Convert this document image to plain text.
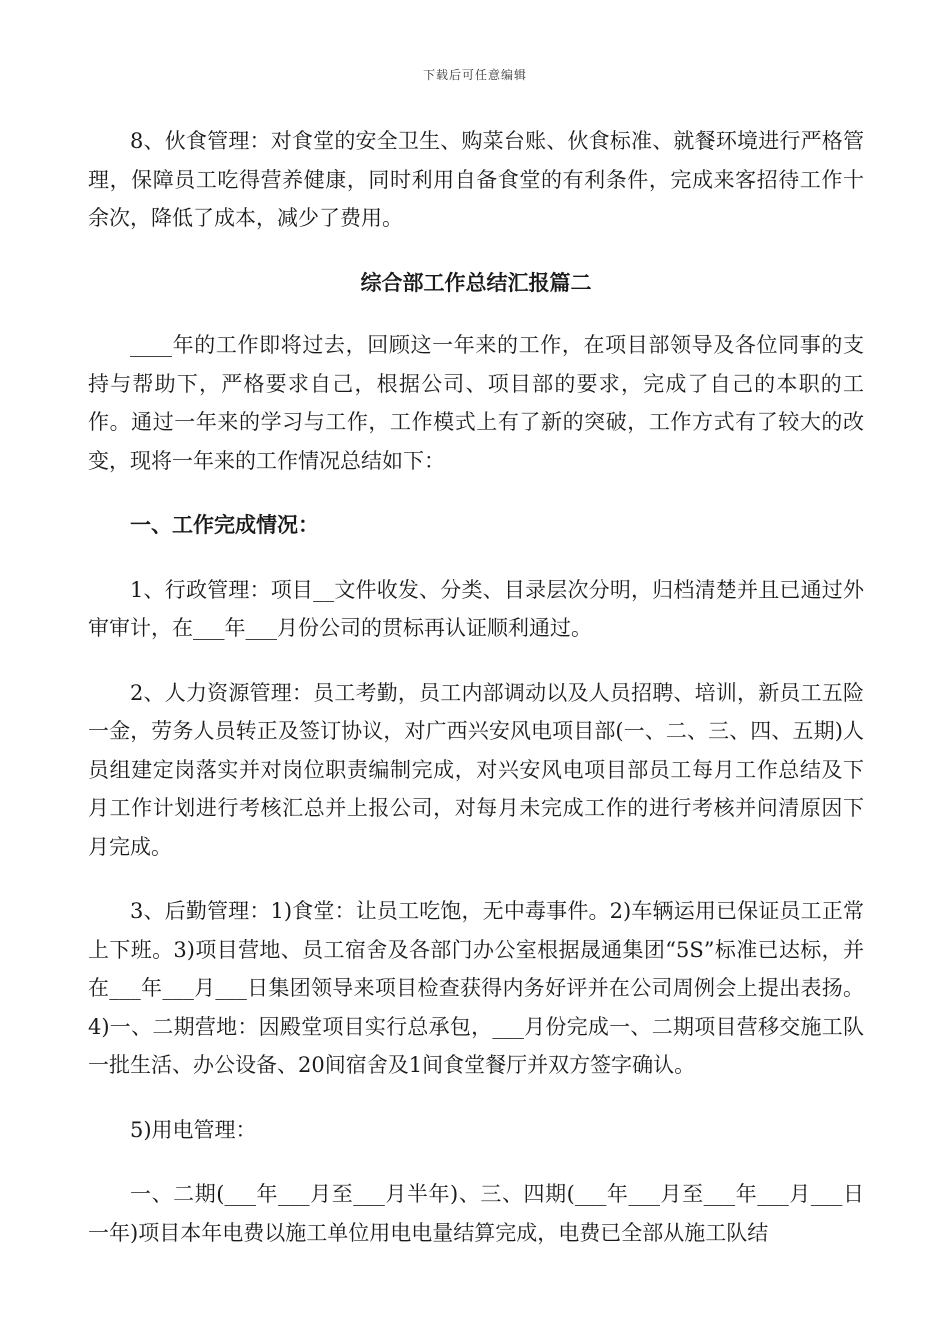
下载后可任意编辑

8、伙食管理：对食堂的安全卫生、购菜台账、伙食标准、就餐环境进行严格管理，保障员工吃得营养健康，同时利用自备食堂的有利条件，完成来客招待工作十余次，降低了成本，减少了费用。

综合部工作总结汇报篇二

____年的工作即将过去，回顾这一年来的工作，在项目部领导及各位同事的支持与帮助下，严格要求自己，根据公司、项目部的要求，完成了自己的本职的工作。通过一年来的学习与工作，工作模式上有了新的突破，工作方式有了较大的改变，现将一年来的工作情况总结如下：

一、工作完成情况：

1、行政管理：项目__文件收发、分类、目录层次分明，归档清楚并且已通过外审审计，在___年___月份公司的贯标再认证顺利通过。

2、人力资源管理：员工考勤，员工内部调动以及人员招聘、培训，新员工五险一金，劳务人员转正及签订协议，对广西兴安风电项目部(一、二、三、四、五期)人员组建定岗落实并对岗位职责编制完成，对兴安风电项目部员工每月工作总结及下月工作计划进行考核汇总并上报公司，对每月未完成工作的进行考核并问清原因下月完成。

3、后勤管理：1)食堂：让员工吃饱，无中毒事件。2)车辆运用已保证员工正常上下班。3)项目营地、员工宿舍及各部门办公室根据晟通集团“5S”标准已达标，并在___年___月___日集团领导来项目检查获得内务好评并在公司周例会上提出表扬。4)一、二期营地：因殿堂项目实行总承包，___月份完成一、二期项目营移交施工队一批生活、办公设备、20间宿舍及1间食堂餐厅并双方签字确认。

5)用电管理：

一、二期(___年___月至___月半年)、三、四期(___年___月至___年___月___日一年)项目本年电费以施工单位用电电量结算完成，电费已全部从施工队结
